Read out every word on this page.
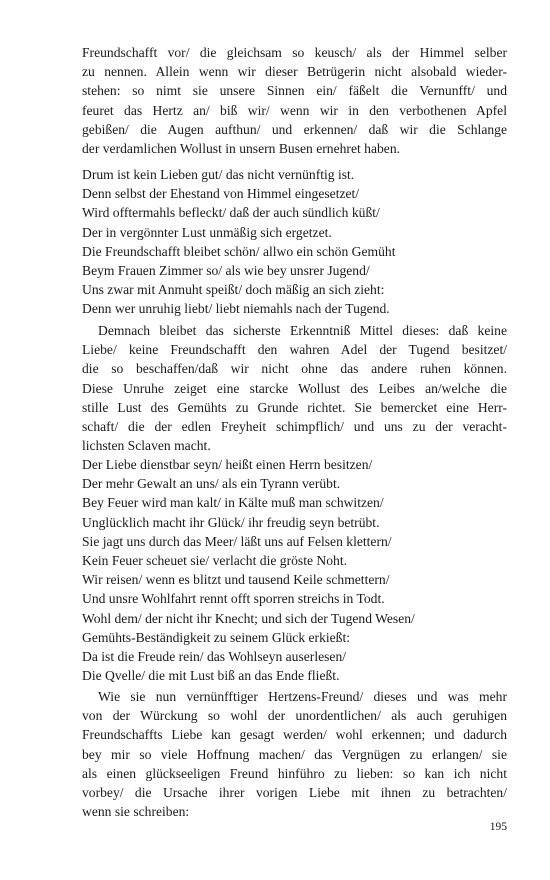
Freundschafft vor/ die gleichsam so keusch/ als der Himmel selber
zu nennen. Allein wenn wir dieser Betrügerin nicht alsobald wieder-
stehen: so nimt sie unsere Sinnen ein/ fäßelt die Vernunfft/ und
feuret das Hertz an/ biß wir/ wenn wir in den verbothenen Apfel
gebißen/ die Augen aufthun/ und erkennen/ daß wir die Schlange
der verdamlichen Wollust in unsern Busen ernehret haben.
Drum ist kein Lieben gut/ das nicht vernünftig ist.
Denn selbst der Ehestand von Himmel eingesetzet/
Wird offtermahls befleckt/ daß der auch sündlich küßt/
Der in vergönnter Lust unmäßig sich ergetzet.
Die Freundschafft bleibet schön/ allwo ein schön Gemüht
Beym Frauen Zimmer so/ als wie bey unsrer Jugend/
Uns zwar mit Anmuht speißt/ doch mäßig an sich zieht:
Denn wer unruhig liebt/ liebt niemahls nach der Tugend.
Demnach bleibet das sicherste Erkenntniß Mittel dieses: daß keine
Liebe/ keine Freundschafft den wahren Adel der Tugend besitzet/
die so beschaffen/daß wir nicht ohne das andere ruhen können.
Diese Unruhe zeiget eine starcke Wollust des Leibes an/welche die
stille Lust des Gemühts zu Grunde richtet. Sie bemercket eine Herr-
schaft/ die der edlen Freyheit schimpflich/ und uns zu der veracht-
lichsten Sclaven macht.
Der Liebe dienstbar seyn/ heißt einen Herrn besitzen/
Der mehr Gewalt an uns/ als ein Tyrann verübt.
Bey Feuer wird man kalt/ in Kälte muß man schwitzen/
Unglücklich macht ihr Glück/ ihr freudig seyn betrübt.
Sie jagt uns durch das Meer/ läßt uns auf Felsen klettern/
Kein Feuer scheuet sie/ verlacht die gröste Noht.
Wir reisen/ wenn es blitzt und tausend Keile schmettern/
Und unsre Wohlfahrt rennt offt sporren streichs in Todt.
Wohl dem/ der nicht ihr Knecht; und sich der Tugend Wesen/
Gemühts-Beständigkeit zu seinem Glück erkießt:
Da ist die Freude rein/ das Wohlseyn auserlesen/
Die Qvelle/ die mit Lust biß an das Ende fließt.
Wie sie nun vernünfftiger Hertzens-Freund/ dieses und was mehr
von der Würckung so wohl der unordentlichen/ als auch geruhigen
Freundschaffts Liebe kan gesagt werden/ wohl erkennen; und dadurch
bey mir so viele Hoffnung machen/ das Vergnügen zu erlangen/ sie
als einen glückseeligen Freund hinführo zu lieben: so kan ich nicht
vorbey/ die Ursache ihrer vorigen Liebe mit ihnen zu betrachten/
wenn sie schreiben:
195
